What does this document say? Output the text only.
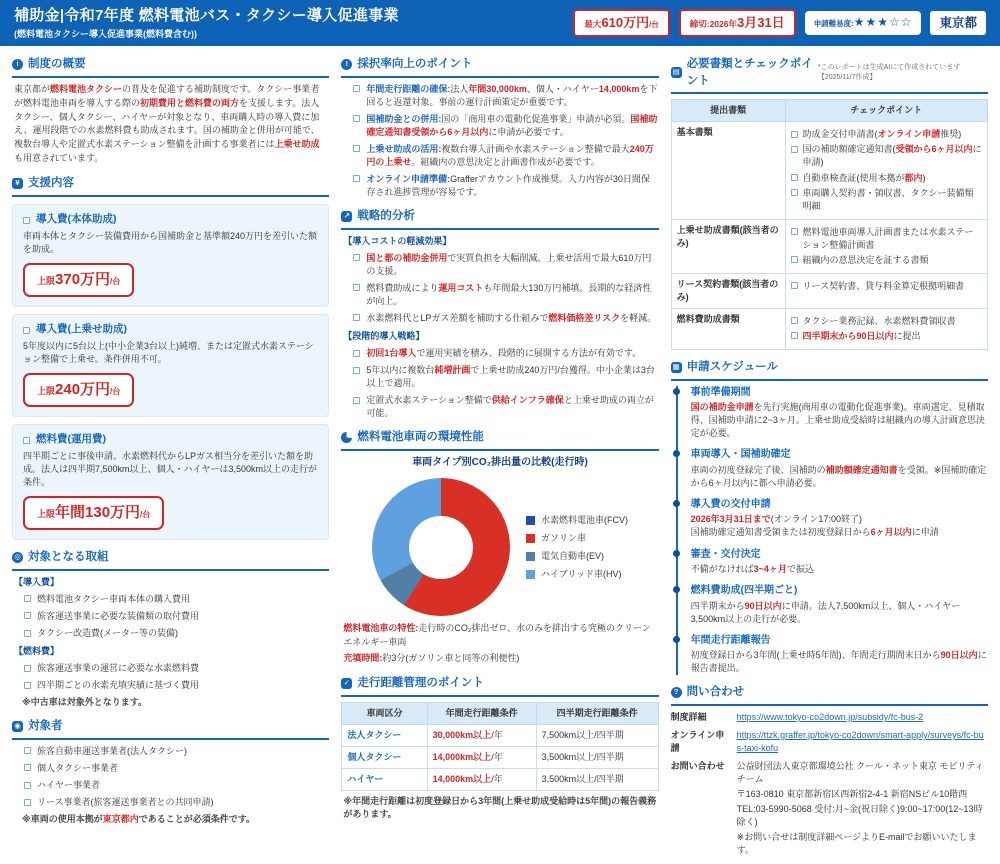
補助金|令和7年度 燃料電池バス・タクシー導入促進事業
(燃料電池タクシー導入促進事業(燃料費含む))
最大 610万円 /台	締切:2026年 3月31日	申請難易度: ★★★☆☆	東京都
i 制度の概要
東京都が燃料電池タクシーの普及を促進する補助制度です。タクシー事業者が燃料電池車両を導入する際の初期費用と燃料費の両方を支援します。法人タクシー、個人タクシー、ハイヤーが対象となり、車両購入時の導入費に加え、運用段階での水素燃料費も助成されます。国の補助金と併用が可能で、複数台導入や定置式水素ステーション整備を計画する事業者には上乗せ助成も用意されています。
¥ 支援内容
導入費(本体助成)
車両本体とタクシー装備費用から国補助金と基準額240万円を差引いた額を助成。
上限 370万円 /台
導入費(上乗せ助成)
5年度以内に5台以上(中小企業3台以上)純増、または定置式水素ステーション整備で上乗せ。条件併用不可。
上限 240万円 /台
燃料費(運用費)
四半期ごとに事後申請。水素燃料代からLPガス相当分を差引いた額を助成。法人は四半期7,500km以上、個人・ハイヤーは3,500km以上の走行が条件。
上限 年間130万円 /台
◎ 対象となる取組
【導入費】
燃料電池タクシー車両本体の購入費用
旅客運送事業に必要な装備類の取付費用
タクシー改造費(メーター等の装備)
【燃料費】
旅客運送事業の運営に必要な水素燃料費
四半期ごとの水素充填実績に基づく費用
※中古車は対象外となります。
◉ 対象者
旅客自動車運送事業者(法人タクシー)
個人タクシー事業者
ハイヤー事業者
リース事業者(旅客運送事業者との共同申請)
※車両の使用本拠が東京都内であることが必須条件です。
! 採択率向上のポイント
年間走行距離の確保:法人年間30,000km、個人・ハイヤー14,000kmを下回ると返還対象。事前の運行計画策定が重要です。
国補助金との併用:国の「商用車の電動化促進事業」申請が必須。国補助確定通知書受領から6ヶ月以内に申請が必要です。
上乗せ助成の活用:複数台導入計画や水素ステーション整備で最大240万円の上乗せ。組織内の意思決定と計画書作成が必要です。
オンライン申請準備:Grafferアカウント作成推奨。入力内容が30日間保存され進捗管理が容易です。
↗ 戦略的分析
【導入コストの軽減効果】
国と都の補助金併用で実質負担を大幅削減。上乗せ活用で最大610万円の支援。
燃料費助成により運用コストも年間最大130万円補填。長期的な経済性が向上。
水素燃料代とLPガス差額を補助する仕組みで燃料価格差リスクを軽減。
【段階的導入戦略】
初回1台導入で運用実績を積み、段階的に展開する方法が有効です。
5年以内に複数台純増計画で上乗せ助成240万円/台獲得。中小企業は3台以上で適用。
定置式水素ステーション整備で供給インフラ確保と上乗せ助成の両立が可能。
燃料電池車両の環境性能
車両タイプ別CO₂排出量の比較(走行時)
水素燃料電池車(FCV)
ガソリン車
電気自動車(EV)
ハイブリッド車(HV)
燃料電池車の特性:走行時のCO₂排出ゼロ、水のみを排出する究極のクリーンエネルギー車両
充填時間:約3分(ガソリン車と同等の利便性)
✓ 走行距離管理のポイント
車両区分	年間走行距離条件	四半期走行距離条件
法人タクシー	30,000km以上/年	7,500km以上/四半期
個人タクシー	14,000km以上/年	3,500km以上/四半期
ハイヤー	14,000km以上/年	3,500km以上/四半期
※年間走行距離は初度登録日から3年間(上乗せ助成受給時は5年間)の報告義務があります。
▤
必要書類とチェックポイント
*このレポートは生成AIにて作成されています【2025/11/7作成】
提出書類	チェックポイント
基本書類	助成金交付申請書(オンライン申請推奨)
国の補助額確定通知書(受領から6ヶ月以内に申請)
自動車検査証(使用本拠が都内)
車両購入契約書・領収書、タクシー装備類明細

上乗せ助成書類(該当者のみ)	燃料電池車両導入計画書または水素ステーション整備計画書
組織内の意思決定を証する書類

リース契約書類(該当者のみ)	リース契約書、貸与料金算定根拠明細書

燃料費助成書類	タクシー業務記録、水素燃料費領収書
四半期末から90日以内に提出
▦ 申請スケジュール
事前準備期間
国の補助金申請を先行実施(商用車の電動化促進事業)。車両選定、見積取得、国補助申請に2~3ヶ月。上乗せ助成受給時は組織内の導入計画意思決定が必要。
車両導入・国補助確定
車両の初度登録完了後、国補助の補助額確定通知書を受領。※国補助確定から6ヶ月以内に都へ申請必要。
導入費の交付申請
2026年3月31日まで(オンライン17:00終了)
国補助確定通知書受領または初度登録日から6ヶ月以内に申請
審査・交付決定
不備がなければ3~4ヶ月で振込
燃料費助成(四半期ごと)
四半期末から90日以内に申請。法人7,500km以上、個人・ハイヤー3,500km以上の走行が必要。
年間走行距離報告
初度登録日から3年間(上乗せ時5年間)、年間走行期間末日から90日以内に報告書提出。
? 問い合わせ
制度詳細	https://www.tokyo-co2down.jp/subsidy/fc-bus-2
オンライン申請
https://ttzk.graffer.jp/tokyo-co2down/smart-apply/surveys/fc-bus-taxi-kofu
お問い合わせ	公益財団法人東京都環境公社 クール・ネット東京 モビリティチーム
〒163-0810 東京都新宿区西新宿2-4-1 新宿NSビル10階西
TEL:03-5990-5068 受付:月~金(祝日除く)9:00~17:00(12~13時除く)
※お問い合せは制度詳細ページよりE-mailでお願いいたします。
